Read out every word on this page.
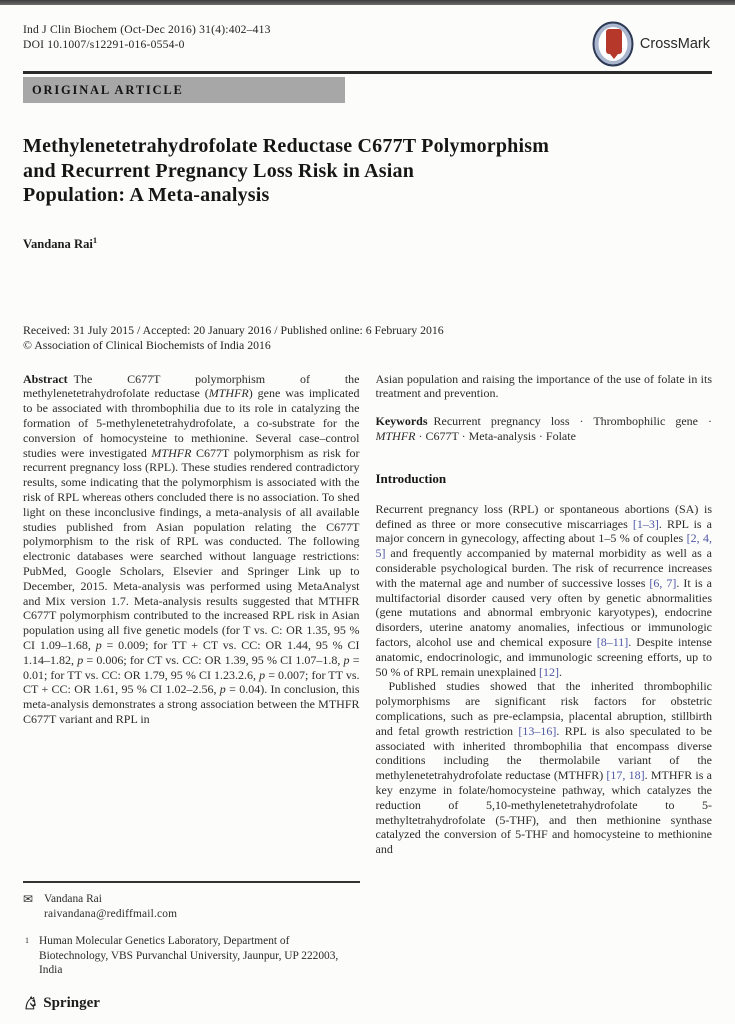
Ind J Clin Biochem (Oct-Dec 2016) 31(4):402–413
DOI 10.1007/s12291-016-0554-0	CrossMark
ORIGINAL ARTICLE
Methylenetetrahydrofolate Reductase C677T Polymorphism
and Recurrent Pregnancy Loss Risk in Asian
Population: A Meta-analysis
Vandana Rai$^1$
Received: 31 July 2015 / Accepted: 20 January 2016 / Published online: 6 February 2016
© Association of Clinical Biochemists of India 2016

Abstract The C677T polymorphism of the methylenetetrahydrofolate reductase (MTHFR) gene was implicated to be associated with thrombophilia due to its role in catalyzing the formation of 5-methylenetetrahydrofolate, a co-substrate for the conversion of homocysteine to methionine. Several case–control studies were investigated MTHFR C677T polymorphism as risk for recurrent pregnancy loss (RPL). These studies rendered contradictory results, some indicating that the polymorphism is associated with the risk of RPL whereas others concluded there is no association. To shed light on these inconclusive findings, a meta-analysis of all available studies published from Asian population relating the C677T polymorphism to the risk of RPL was conducted. The following electronic databases were searched without language restrictions: PubMed, Google Scholars, Elsevier and Springer Link up to December, 2015. Meta-analysis was performed using MetaAnalyst and Mix version 1.7. Meta-analysis results suggested that MTHFR C677T polymorphism contributed to the increased RPL risk in Asian population using all five genetic models (for T vs. C: OR 1.35, 95 % CI 1.09–1.68, p = 0.009; for TT + CT vs. CC: OR 1.44, 95 % CI 1.14–1.82, p = 0.006; for CT vs. CC: OR 1.39, 95 % CI 1.07–1.8, p = 0.01; for TT vs. CC: OR 1.79, 95 % CI 1.23.2.6, p = 0.007; for TT vs. CT + CC: OR 1.61, 95 % CI 1.02–2.56, p = 0.04). In conclusion, this meta-analysis demonstrates a strong association between the MTHFR C677T variant and RPL in

✉ Vandana Rai
raivandana@rediffmail.com
1 Human Molecular Genetics Laboratory, Department of Biotechnology, VBS Purvanchal University, Jaunpur, UP 222003, India
♘ Springer

Asian population and raising the importance of the use of folate in its treatment and prevention.

Keywords Recurrent pregnancy loss · Thrombophilic gene · MTHFR · C677T · Meta-analysis · Folate

Introduction

Recurrent pregnancy loss (RPL) or spontaneous abortions (SA) is defined as three or more consecutive miscarriages [1–3]. RPL is a major concern in gynecology, affecting about 1–5 % of couples [2, 4, 5] and frequently accompanied by maternal morbidity as well as a considerable psychological burden. The risk of recurrence increases with the maternal age and number of successive losses [6, 7]. It is a multifactorial disorder caused very often by genetic abnormalities (gene mutations and abnormal embryonic karyotypes), endocrine disorders, uterine anatomy anomalies, infectious or immunologic factors, alcohol use and chemical exposure [8–11]. Despite intense anatomic, endocrinologic, and immunologic screening efforts, up to 50 % of RPL remain unexplained [12].

Published studies showed that the inherited thrombophilic polymorphisms are significant risk factors for obstetric complications, such as pre-eclampsia, placental abruption, stillbirth and fetal growth restriction [13–16]. RPL is also speculated to be associated with inherited thrombophilia that encompass diverse conditions including the thermolabile variant of the methylenetetrahydrofolate reductase (MTHFR) [17, 18]. MTHFR is a key enzyme in folate/homocysteine pathway, which catalyzes the reduction of 5,10-methylenetetrahydrofolate to 5-methyltetrahydrofolate (5-THF), and then methionine synthase catalyzed the conversion of 5-THF and homocysteine to methionine and
